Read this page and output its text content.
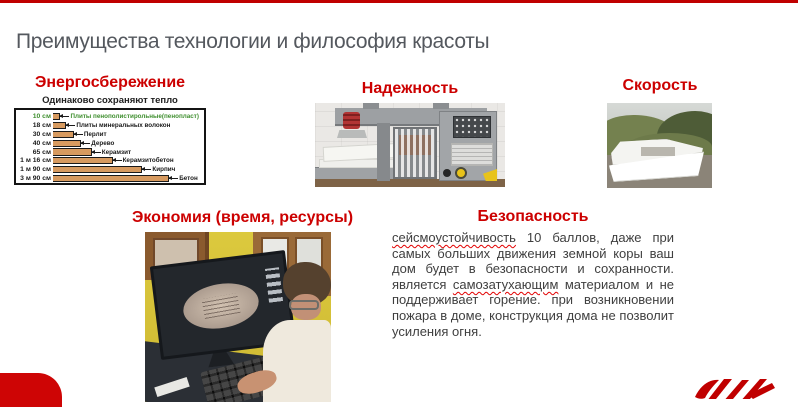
Преимущества технологии и философия красоты
Энергосбережение	Надежность	Скорость
Экономия (время, ресурсы)	Безопасность
Одинаково сохраняют тепло
10 см	Плиты пенополистирольные(пенопласт)
18 см	Плиты минеральных волокон
30 см	Перлит
40 см	Дерево
65 см	Керамзит
1 м 16 см	Керамзитобетон
1 м 90 см	Кирпич
3 м 90 см	Бетон

сейсмоустойчивость 10 баллов, даже при самых больших движения земной коры ваш дом будет в безопасности и сохранности. является самозатухающим материалом и не поддерживает горение. при возникновении пожара в доме, конструкция дома не позволит усиления огня.
